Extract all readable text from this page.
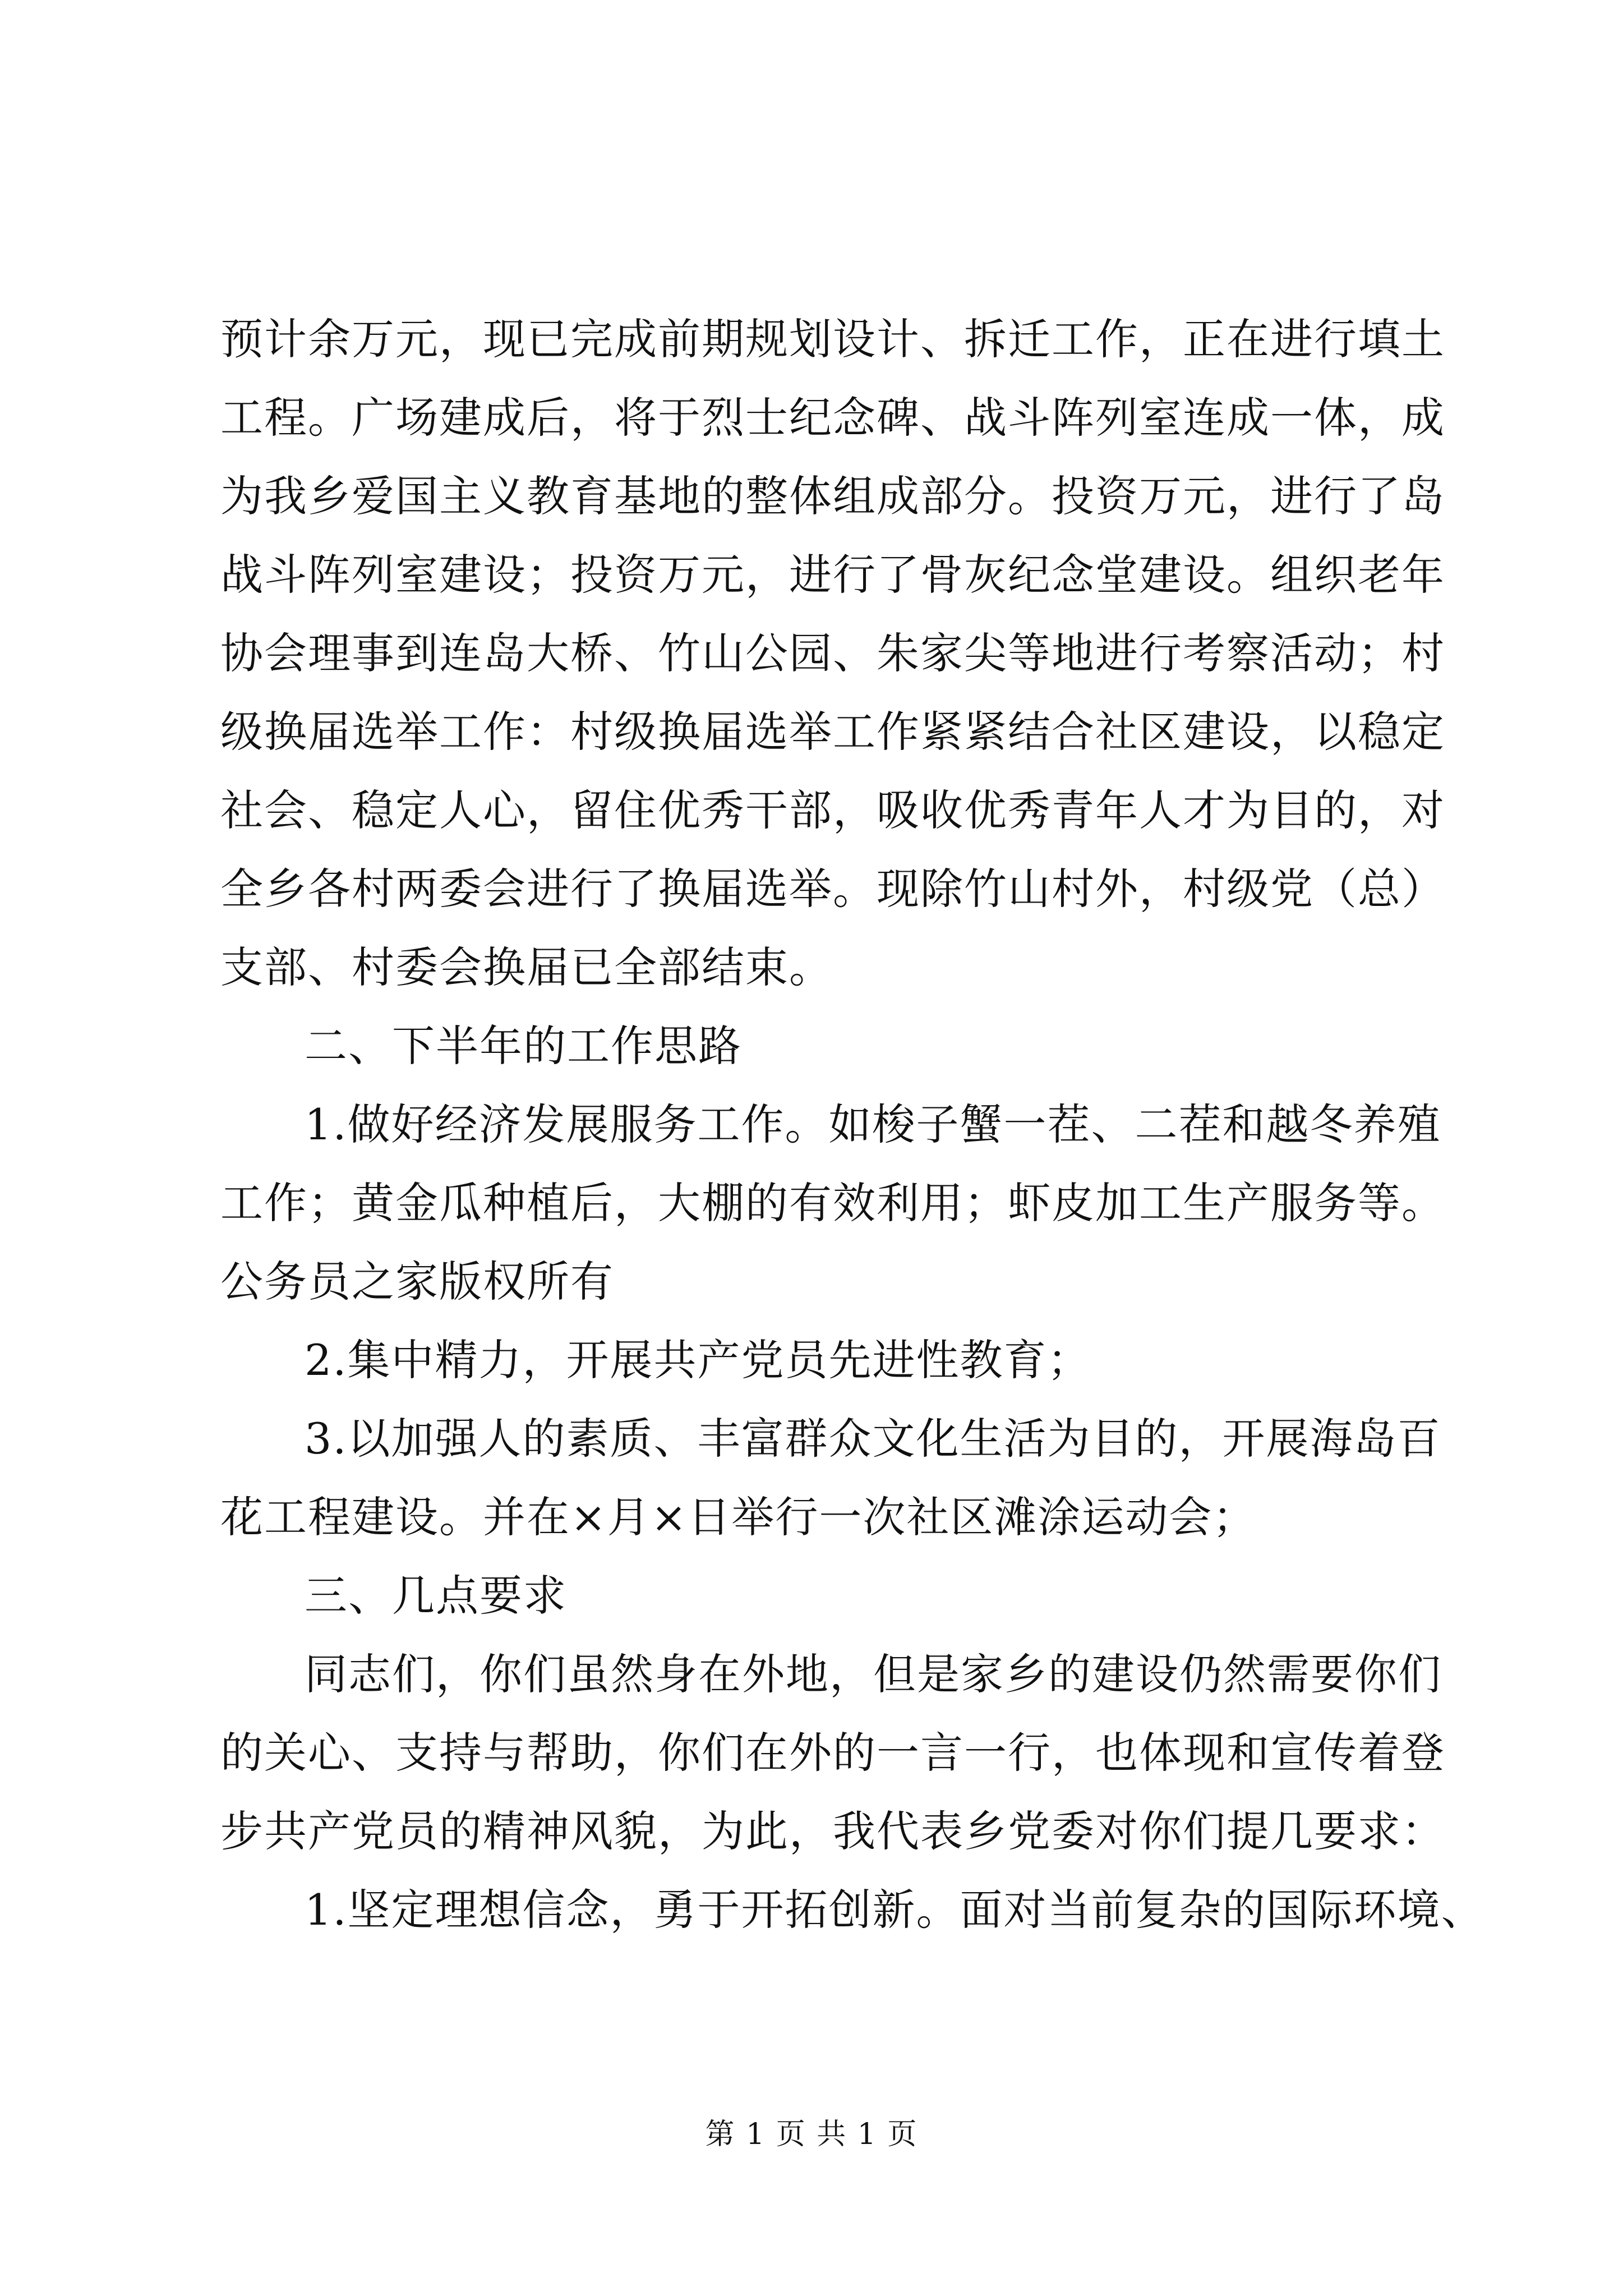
预计余万元，现已完成前期规划设计、拆迁工作，正在进行填土
工程。广场建成后，将于烈士纪念碑、战斗阵列室连成一体，成
为我乡爱国主义教育基地的整体组成部分。投资万元，进行了岛
战斗阵列室建设；投资万元，进行了骨灰纪念堂建设。组织老年
协会理事到连岛大桥、竹山公园、朱家尖等地进行考察活动；村
级换届选举工作：村级换届选举工作紧紧结合社区建设，以稳定
社会、稳定人心，留住优秀干部，吸收优秀青年人才为目的，对
全乡各村两委会进行了换届选举。现除竹山村外，村级党（总）
支部、村委会换届已全部结束。
二、下半年的工作思路
1.做好经济发展服务工作。如梭子蟹一茬、二茬和越冬养殖
工作；黄金瓜种植后，大棚的有效利用；虾皮加工生产服务等。
公务员之家版权所有
2.集中精力，开展共产党员先进性教育；
3.以加强人的素质、丰富群众文化生活为目的，开展海岛百
花工程建设。并在×月×日举行一次社区滩涂运动会；
三、几点要求
同志们，你们虽然身在外地，但是家乡的建设仍然需要你们
的关心、支持与帮助，你们在外的一言一行，也体现和宣传着登
步共产党员的精神风貌，为此，我代表乡党委对你们提几要求：
1.坚定理想信念，勇于开拓创新。面对当前复杂的国际环境、
第 1 页 共 1 页
